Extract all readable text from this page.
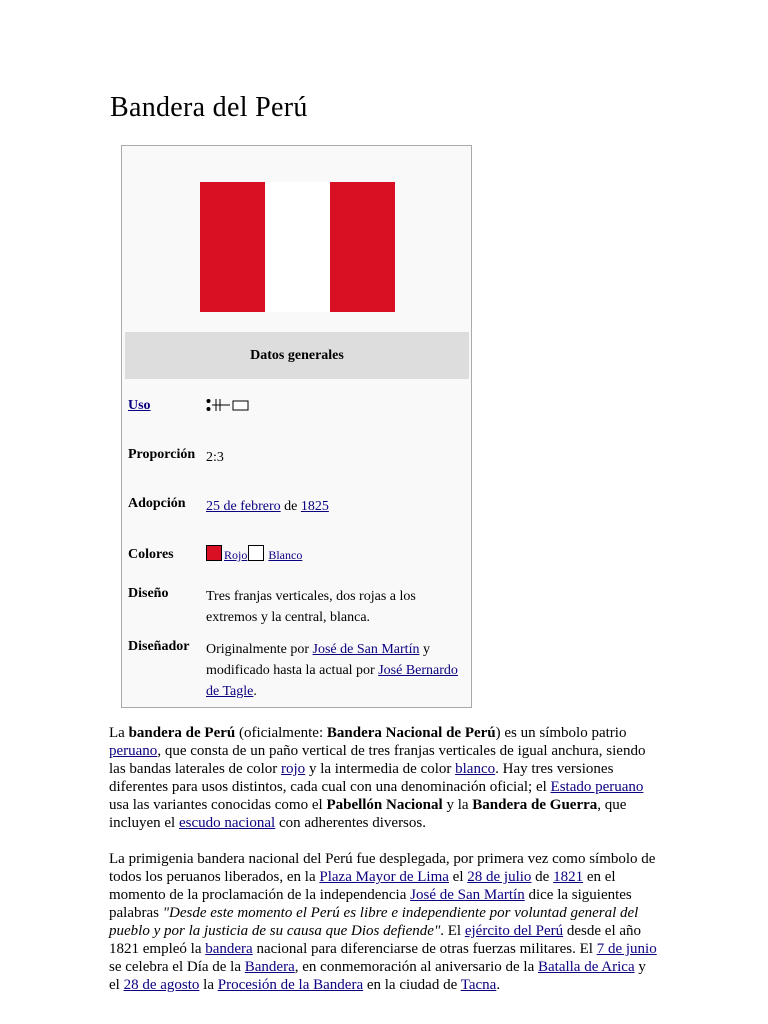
Bandera del Perú
Datos generales
Uso
Proporción 2:3
Adopción 25 de febrero de 1825
Colores	Rojo Blanco
Diseño	Tres franjas verticales, dos rojas a los extremos y la central, blanca.
Diseñador Originalmente por José de San Martín y modificado hasta la actual por José Bernardo de Tagle.

La bandera de Perú (oficialmente: Bandera Nacional de Perú) es un símbolo patrio peruano, que consta de un paño vertical de tres franjas verticales de igual anchura, siendo las bandas laterales de color rojo y la intermedia de color blanco. Hay tres versiones diferentes para usos distintos, cada cual con una denominación oficial; el Estado peruano usa las variantes conocidas como el Pabellón Nacional y la Bandera de Guerra, que incluyen el escudo nacional con adherentes diversos.

La primigenia bandera nacional del Perú fue desplegada, por primera vez como símbolo de todos los peruanos liberados, en la Plaza Mayor de Lima el 28 de julio de 1821 en el momento de la proclamación de la independencia José de San Martín dice la siguientes palabras "Desde este momento el Perú es libre e independiente por voluntad general del pueblo y por la justicia de su causa que Dios defiende". El ejército del Perú desde el año 1821 empleó la bandera nacional para diferenciarse de otras fuerzas militares. El 7 de junio se celebra el Día de la Bandera, en conmemoración al aniversario de la Batalla de Arica y el 28 de agosto la Procesión de la Bandera en la ciudad de Tacna.
